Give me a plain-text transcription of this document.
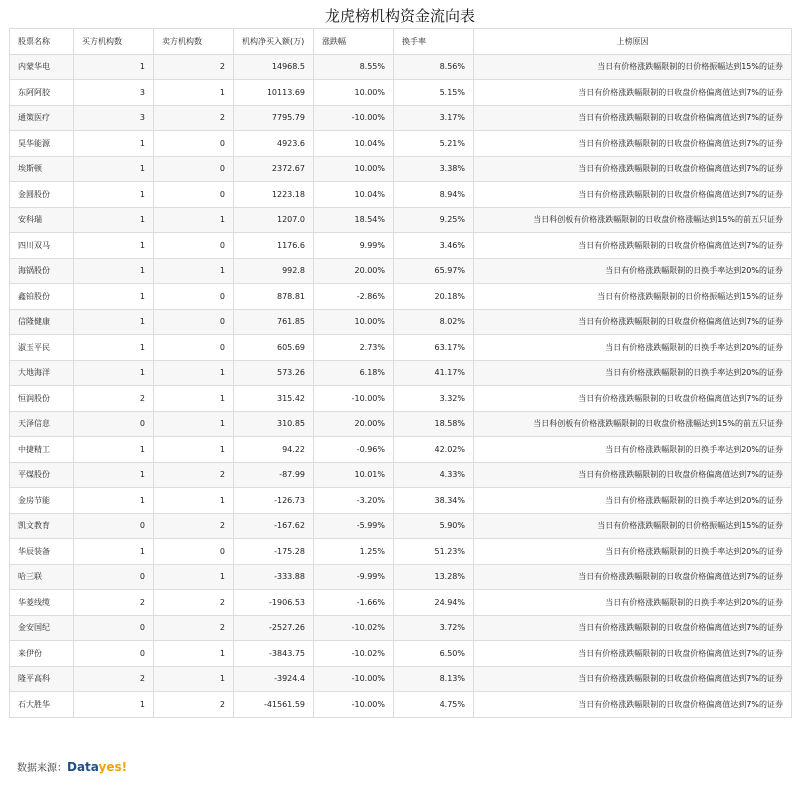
龙虎榜机构资金流向表
股票名称	买方机构数	卖方机构数	机构净买入额(万)	涨跌幅	换手率	上榜原因
内蒙华电	1	2	14968.5	8.55%	8.56%	当日有价格涨跌幅限制的日价格振幅达到15%的证券
东阿阿胶	3	1	10113.69	10.00%	5.15%	当日有价格涨跌幅限制的日收盘价格偏离值达到7%的证券
通策医疗	3	2	7795.79	-10.00%	3.17%	当日有价格涨跌幅限制的日收盘价格偏离值达到7%的证券
昊华能源	1	0	4923.6	10.04%	5.21%	当日有价格涨跌幅限制的日收盘价格偏离值达到7%的证券
埃斯顿	1	0	2372.67	10.00%	3.38%	当日有价格涨跌幅限制的日收盘价格偏离值达到7%的证券
金圆股份	1	0	1223.18	10.04%	8.94%	当日有价格涨跌幅限制的日收盘价格偏离值达到7%的证券
安科瑞	1	1	1207.0	18.54%	9.25%	当日科创板有价格涨跌幅限制的日收盘价格涨幅达到15%的前五只证券
四川双马	1	0	1176.6	9.99%	3.46%	当日有价格涨跌幅限制的日收盘价格偏离值达到7%的证券
海锅股份	1	1	992.8	20.00%	65.97%	当日有价格涨跌幅限制的日换手率达到20%的证券
鑫铂股份	1	0	878.81	-2.86%	20.18%	当日有价格涨跌幅限制的日价格振幅达到15%的证券
信隆健康	1	0	761.85	10.00%	8.02%	当日有价格涨跌幅限制的日收盘价格偏离值达到7%的证券
淑玉平民	1	0	605.69	2.73%	63.17%	当日有价格涨跌幅限制的日换手率达到20%的证券
大地海洋	1	1	573.26	6.18%	41.17%	当日有价格涨跌幅限制的日换手率达到20%的证券
恒润股份	2	1	315.42	-10.00%	3.32%	当日有价格涨跌幅限制的日收盘价格偏离值达到7%的证券
天泽信息	0	1	310.85	20.00%	18.58%	当日科创板有价格涨跌幅限制的日收盘价格涨幅达到15%的前五只证券
中捷精工	1	1	94.22	-0.96%	42.02%	当日有价格涨跌幅限制的日换手率达到20%的证券
平煤股份	1	2	-87.99	10.01%	4.33%	当日有价格涨跌幅限制的日收盘价格偏离值达到7%的证券
金房节能	1	1	-126.73	-3.20%	38.34%	当日有价格涨跌幅限制的日换手率达到20%的证券
凯文教育	0	2	-167.62	-5.99%	5.90%	当日有价格涨跌幅限制的日价格振幅达到15%的证券
华辰装备	1	0	-175.28	1.25%	51.23%	当日有价格涨跌幅限制的日换手率达到20%的证券
哈三联	0	1	-333.88	-9.99%	13.28%	当日有价格涨跌幅限制的日收盘价格偏离值达到7%的证券
华菱线缆	2	2	-1906.53	-1.66%	24.94%	当日有价格涨跌幅限制的日换手率达到20%的证券
金安国纪	0	2	-2527.26	-10.02%	3.72%	当日有价格涨跌幅限制的日收盘价格偏离值达到7%的证券
来伊份	0	1	-3843.75	-10.02%	6.50%	当日有价格涨跌幅限制的日收盘价格偏离值达到7%的证券
隆平高科	2	1	-3924.4	-10.00%	8.13%	当日有价格涨跌幅限制的日收盘价格偏离值达到7%的证券
石大胜华	1	2	-41561.59	-10.00%	4.75%	当日有价格涨跌幅限制的日收盘价格偏离值达到7%的证券
数据来源：Datayes!
